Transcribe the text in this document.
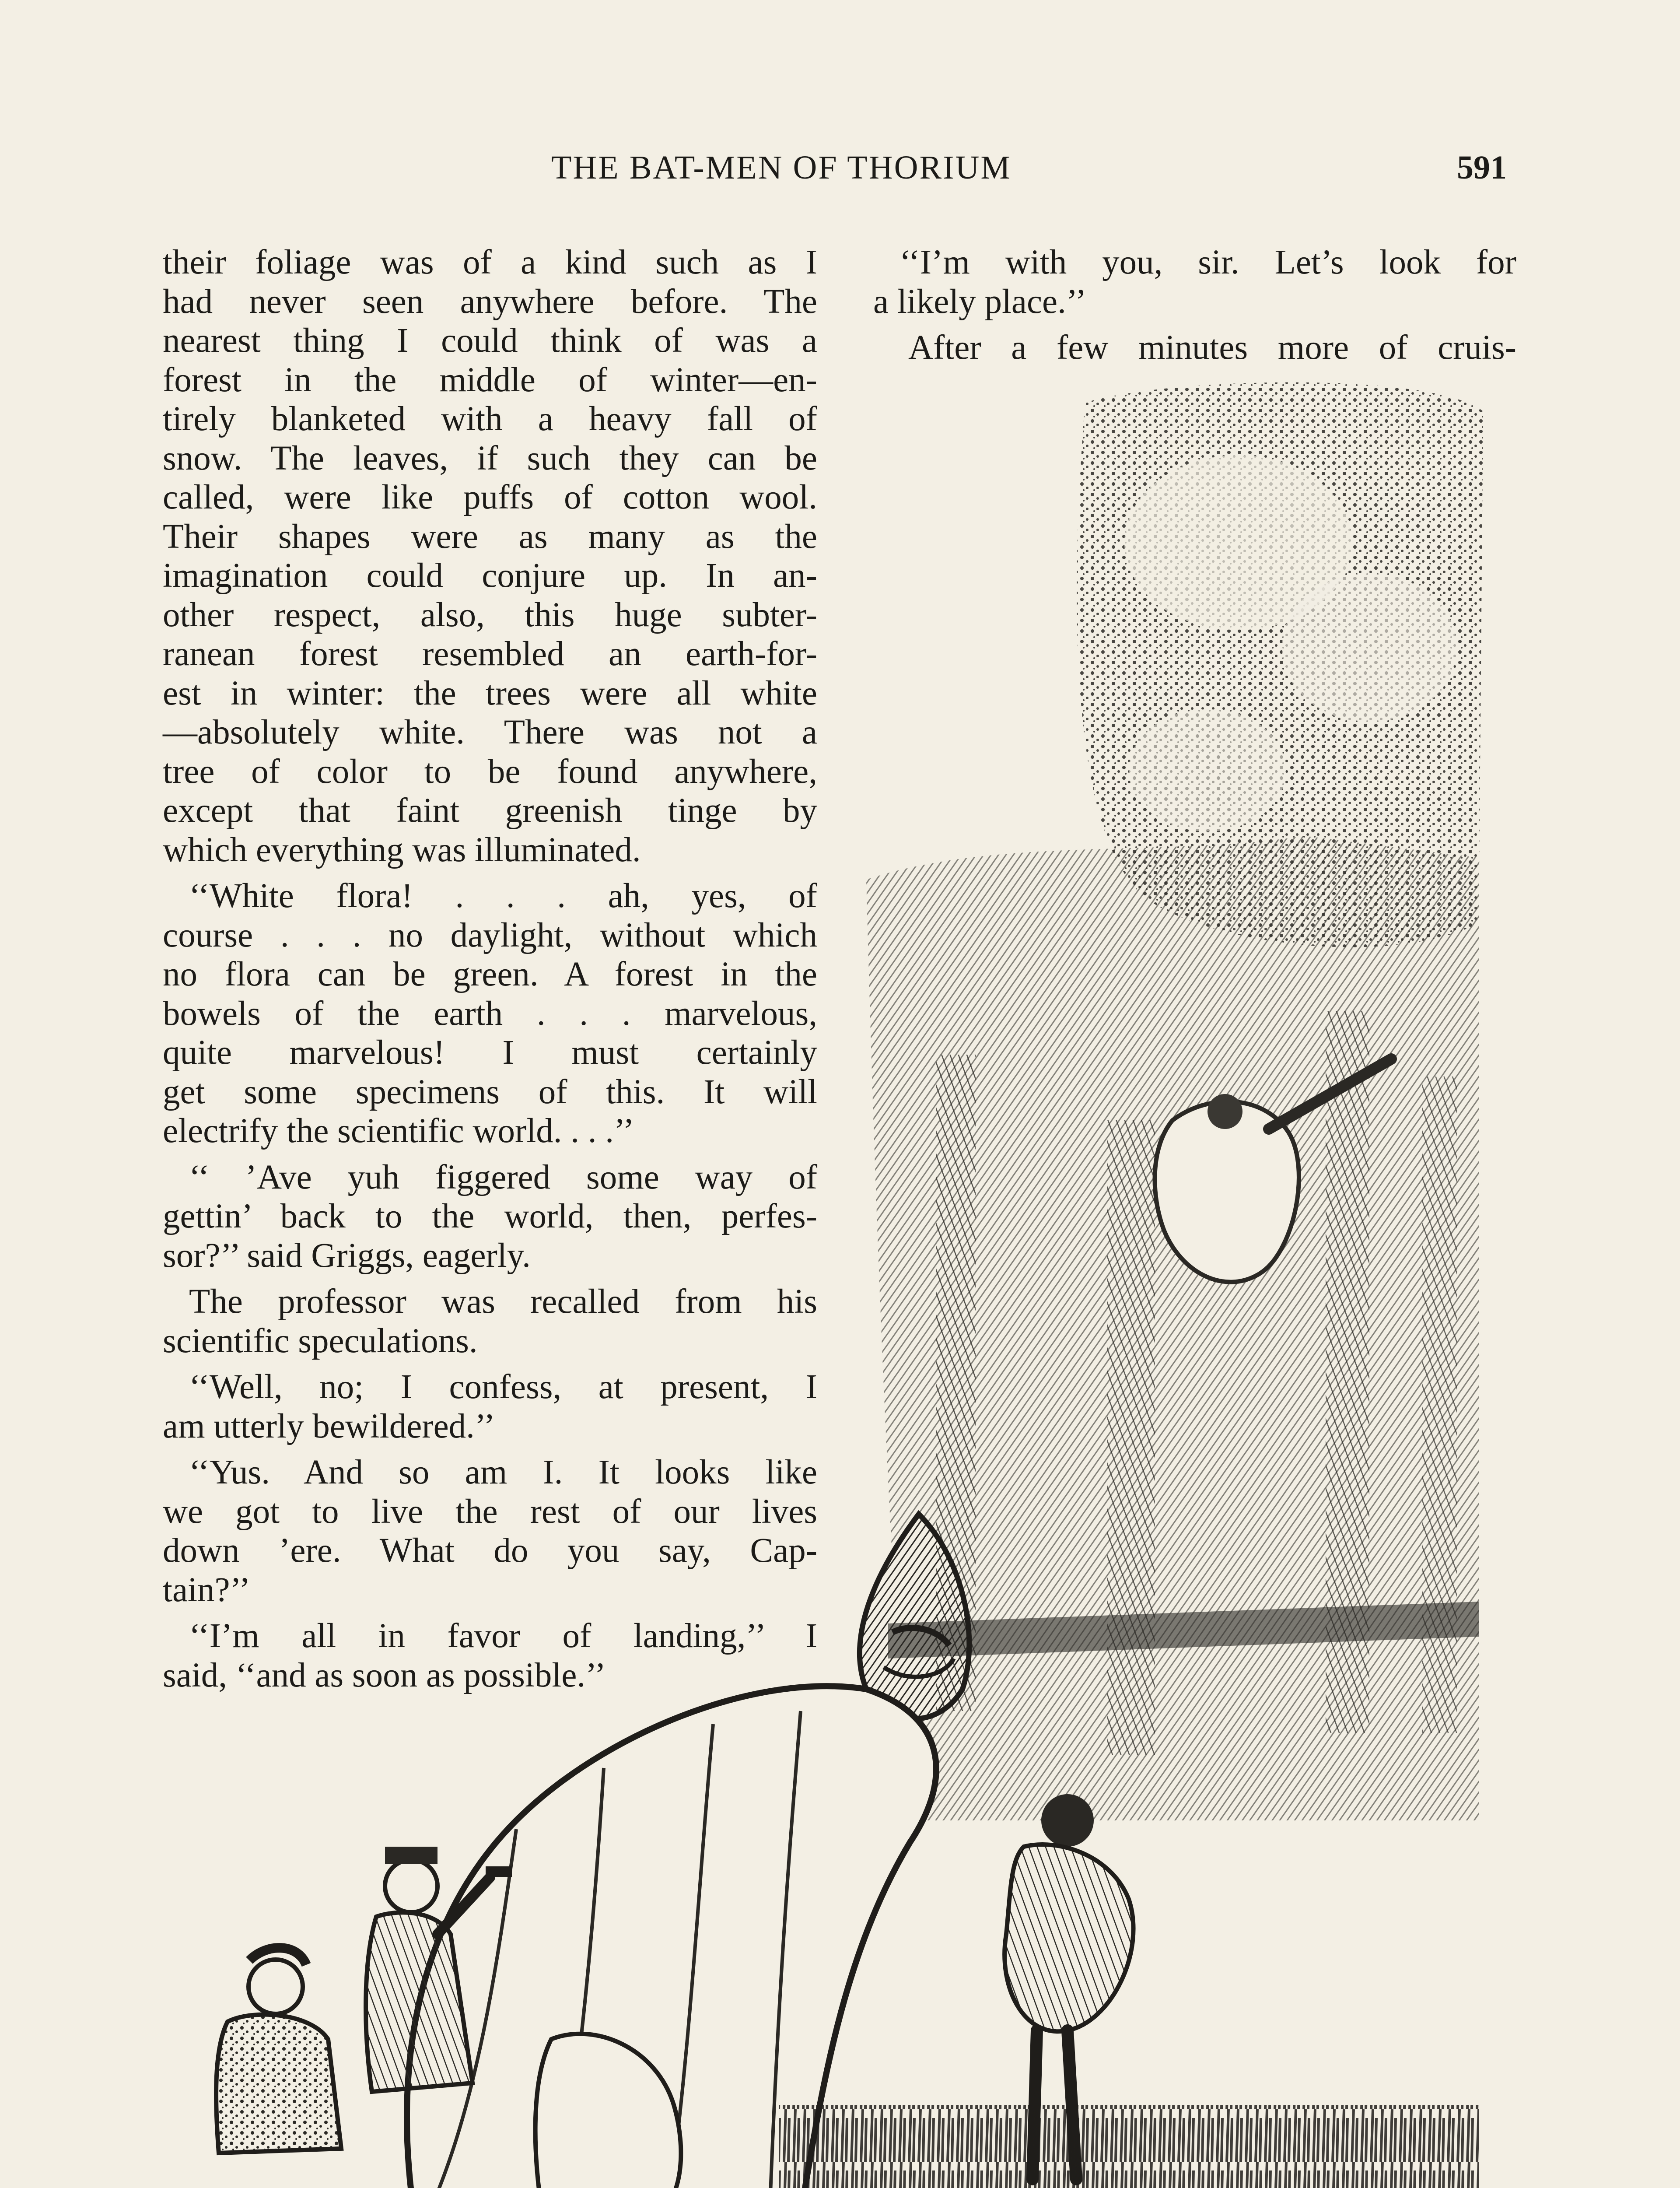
THE BAT-MEN OF THORIUM	591
their foliage was of a kind such as I
had never seen anywhere before. The
nearest thing I could think of was a
forest in the middle of winter—en-
tirely blanketed with a heavy fall of
snow. The leaves, if such they can be
called, were like puffs of cotton wool.
Their shapes were as many as the
imagination could conjure up. In an-
other respect, also, this huge subter-
ranean forest resembled an earth-for-
est in winter: the trees were all white
—absolutely white. There was not a
tree of color to be found anywhere,
except that faint greenish tinge by
which everything was illuminated.
‘‘White flora! . . . ah, yes, of
course . . . no daylight, without which
no flora can be green. A forest in the
bowels of the earth . . . marvelous,
quite marvelous! I must certainly
get some specimens of this. It will
electrify the scientific world. . . .’’
‘‘ ’Ave yuh figgered some way of
gettin’ back to the world, then, perfes-
sor?’’ said Griggs, eagerly.
The professor was recalled from his
scientific speculations.
‘‘Well, no; I confess, at present, I
am utterly bewildered.’’
‘‘Yus. And so am I. It looks like
we got to live the rest of our lives
down ’ere. What do you say, Cap-
tain?’’
‘‘I’m all in favor of landing,’’ I
said, ‘‘and as soon as possible.’’
‘‘I’m with you, sir. Let’s look for
a likely place.’’
After a few minutes more of cruis-
